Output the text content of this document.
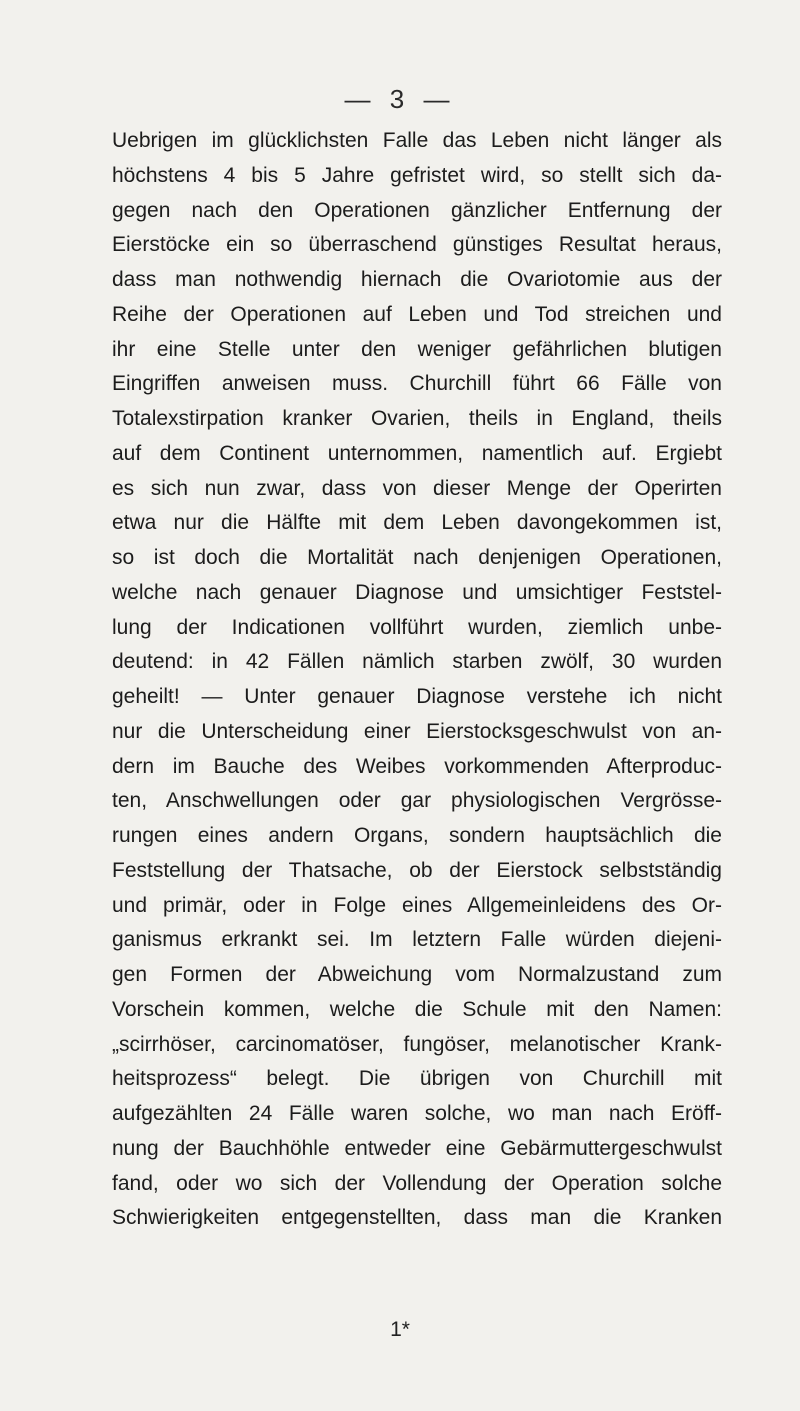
— 3 —
Uebrigen im glücklichsten Falle das Leben nicht länger als
höchstens 4 bis 5 Jahre gefristet wird, so stellt sich da-
gegen nach den Operationen gänzlicher Entfernung der
Eierstöcke ein so überraschend günstiges Resultat heraus,
dass man nothwendig hiernach die Ovariotomie aus der
Reihe der Operationen auf Leben und Tod streichen und
ihr eine Stelle unter den weniger gefährlichen blutigen
Eingriffen anweisen muss. Churchill führt 66 Fälle von
Totalexstirpation kranker Ovarien, theils in England, theils
auf dem Continent unternommen, namentlich auf. Ergiebt
es sich nun zwar, dass von dieser Menge der Operirten
etwa nur die Hälfte mit dem Leben davongekommen ist,
so ist doch die Mortalität nach denjenigen Operationen,
welche nach genauer Diagnose und umsichtiger Feststel-
lung der Indicationen vollführt wurden, ziemlich unbe-
deutend: in 42 Fällen nämlich starben zwölf, 30 wurden
geheilt! — Unter genauer Diagnose verstehe ich nicht
nur die Unterscheidung einer Eierstocksgeschwulst von an-
dern im Bauche des Weibes vorkommenden Afterproduc-
ten, Anschwellungen oder gar physiologischen Vergrösse-
rungen eines andern Organs, sondern hauptsächlich die
Feststellung der Thatsache, ob der Eierstock selbstständig
und primär, oder in Folge eines Allgemeinleidens des Or-
ganismus erkrankt sei. Im letztern Falle würden diejeni-
gen Formen der Abweichung vom Normalzustand zum
Vorschein kommen, welche die Schule mit den Namen:
„scirrhöser, carcinomatöser, fungöser, melanotischer Krank-
heitsprozess“ belegt. Die übrigen von Churchill mit
aufgezählten 24 Fälle waren solche, wo man nach Eröff-
nung der Bauchhöhle entweder eine Gebärmuttergeschwulst
fand, oder wo sich der Vollendung der Operation solche
Schwierigkeiten entgegenstellten, dass man die Kranken
1*
